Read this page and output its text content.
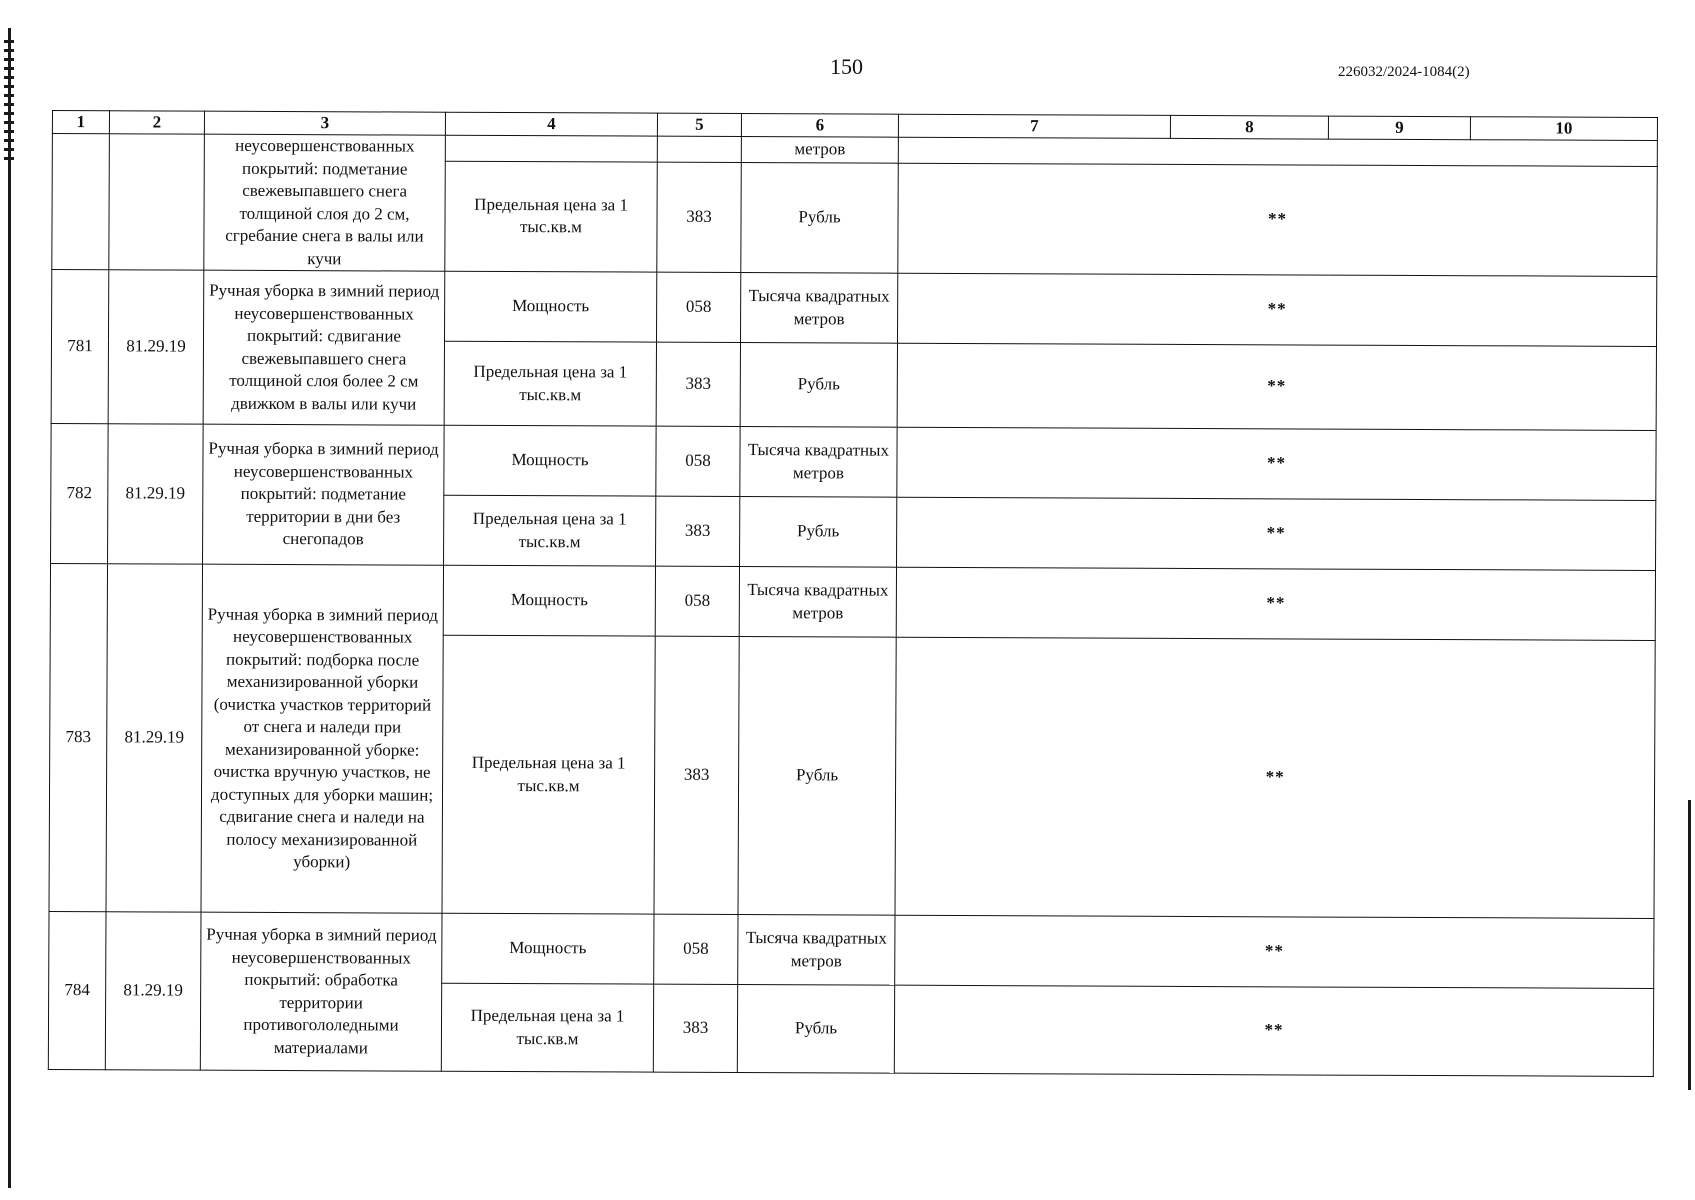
150	226032/2024-1084(2)
1	2	3	4	5	6	7	8	9	10
		неусовершенствованных покрытий: подметание свежевыпавшего снега толщиной слоя до 2 см, сгребание снега в валы или кучи			метров				
			Предельная цена за 1 тыс.кв.м	383	Рубль	**			
781	81.29.19	Ручная уборка в зимний период неусовершенствованных покрытий: сдвигание свежевыпавшего снега толщиной слоя более 2 см движком в валы или кучи	Мощность	058	Тысяча квадратных метров	**			
			Предельная цена за 1 тыс.кв.м	383	Рубль	**			
782	81.29.19	Ручная уборка в зимний период неусовершенствованных покрытий: подметание территории в дни без снегопадов	Мощность	058	Тысяча квадратных метров	**			
			Предельная цена за 1 тыс.кв.м	383	Рубль	**			
783	81.29.19	Ручная уборка в зимний период неусовершенствованных покрытий: подборка после механизированной уборки (очистка участков территорий от снега и наледи при механизированной уборке: очистка вручную участков, не доступных для уборки машин; сдвигание снега и наледи на полосу механизированной уборки)	Мощность	058	Тысяча квадратных метров	**			
			Предельная цена за 1 тыс.кв.м	383	Рубль	**			
784	81.29.19	Ручная уборка в зимний период неусовершенствованных покрытий: обработка территории противогололедными материалами	Мощность	058	Тысяча квадратных метров	**			
			Предельная цена за 1 тыс.кв.м	383	Рубль	**			
